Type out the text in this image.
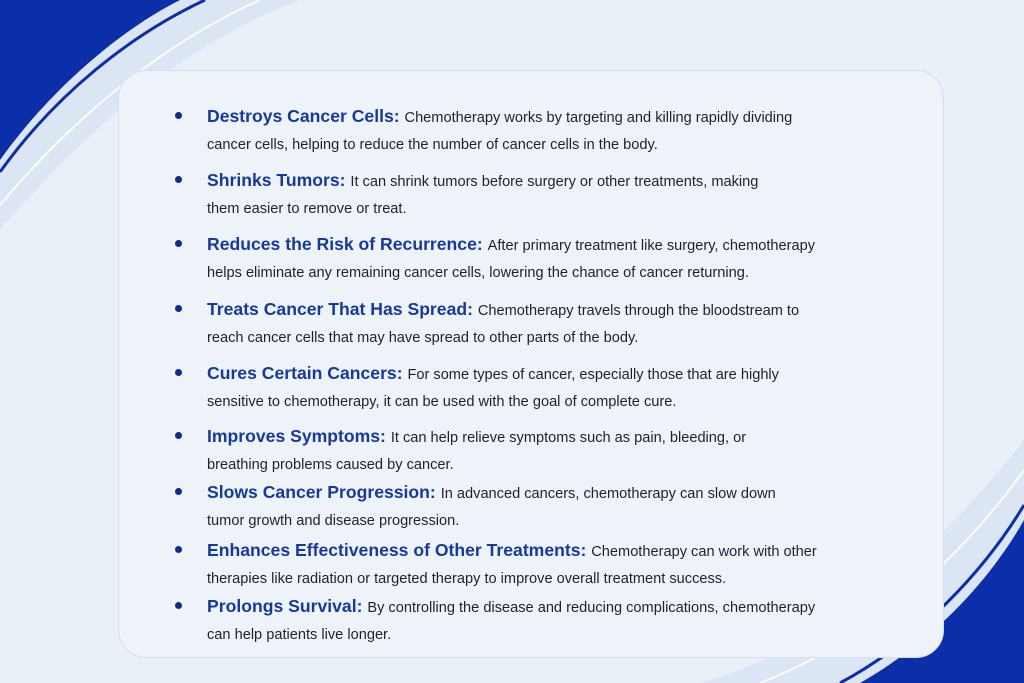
Destroys Cancer Cells: Chemotherapy works by targeting and killing rapidly dividing
cancer cells, helping to reduce the number of cancer cells in the body.
Shrinks Tumors: It can shrink tumors before surgery or other treatments, making
them easier to remove or treat.
Reduces the Risk of Recurrence: After primary treatment like surgery, chemotherapy
helps eliminate any remaining cancer cells, lowering the chance of cancer returning.
Treats Cancer That Has Spread: Chemotherapy travels through the bloodstream to
reach cancer cells that may have spread to other parts of the body.
Cures Certain Cancers: For some types of cancer, especially those that are highly
sensitive to chemotherapy, it can be used with the goal of complete cure.
Improves Symptoms: It can help relieve symptoms such as pain, bleeding, or
breathing problems caused by cancer.
Slows Cancer Progression: In advanced cancers, chemotherapy can slow down
tumor growth and disease progression.
Enhances Effectiveness of Other Treatments: Chemotherapy can work with other
therapies like radiation or targeted therapy to improve overall treatment success.
Prolongs Survival: By controlling the disease and reducing complications, chemotherapy
can help patients live longer.
